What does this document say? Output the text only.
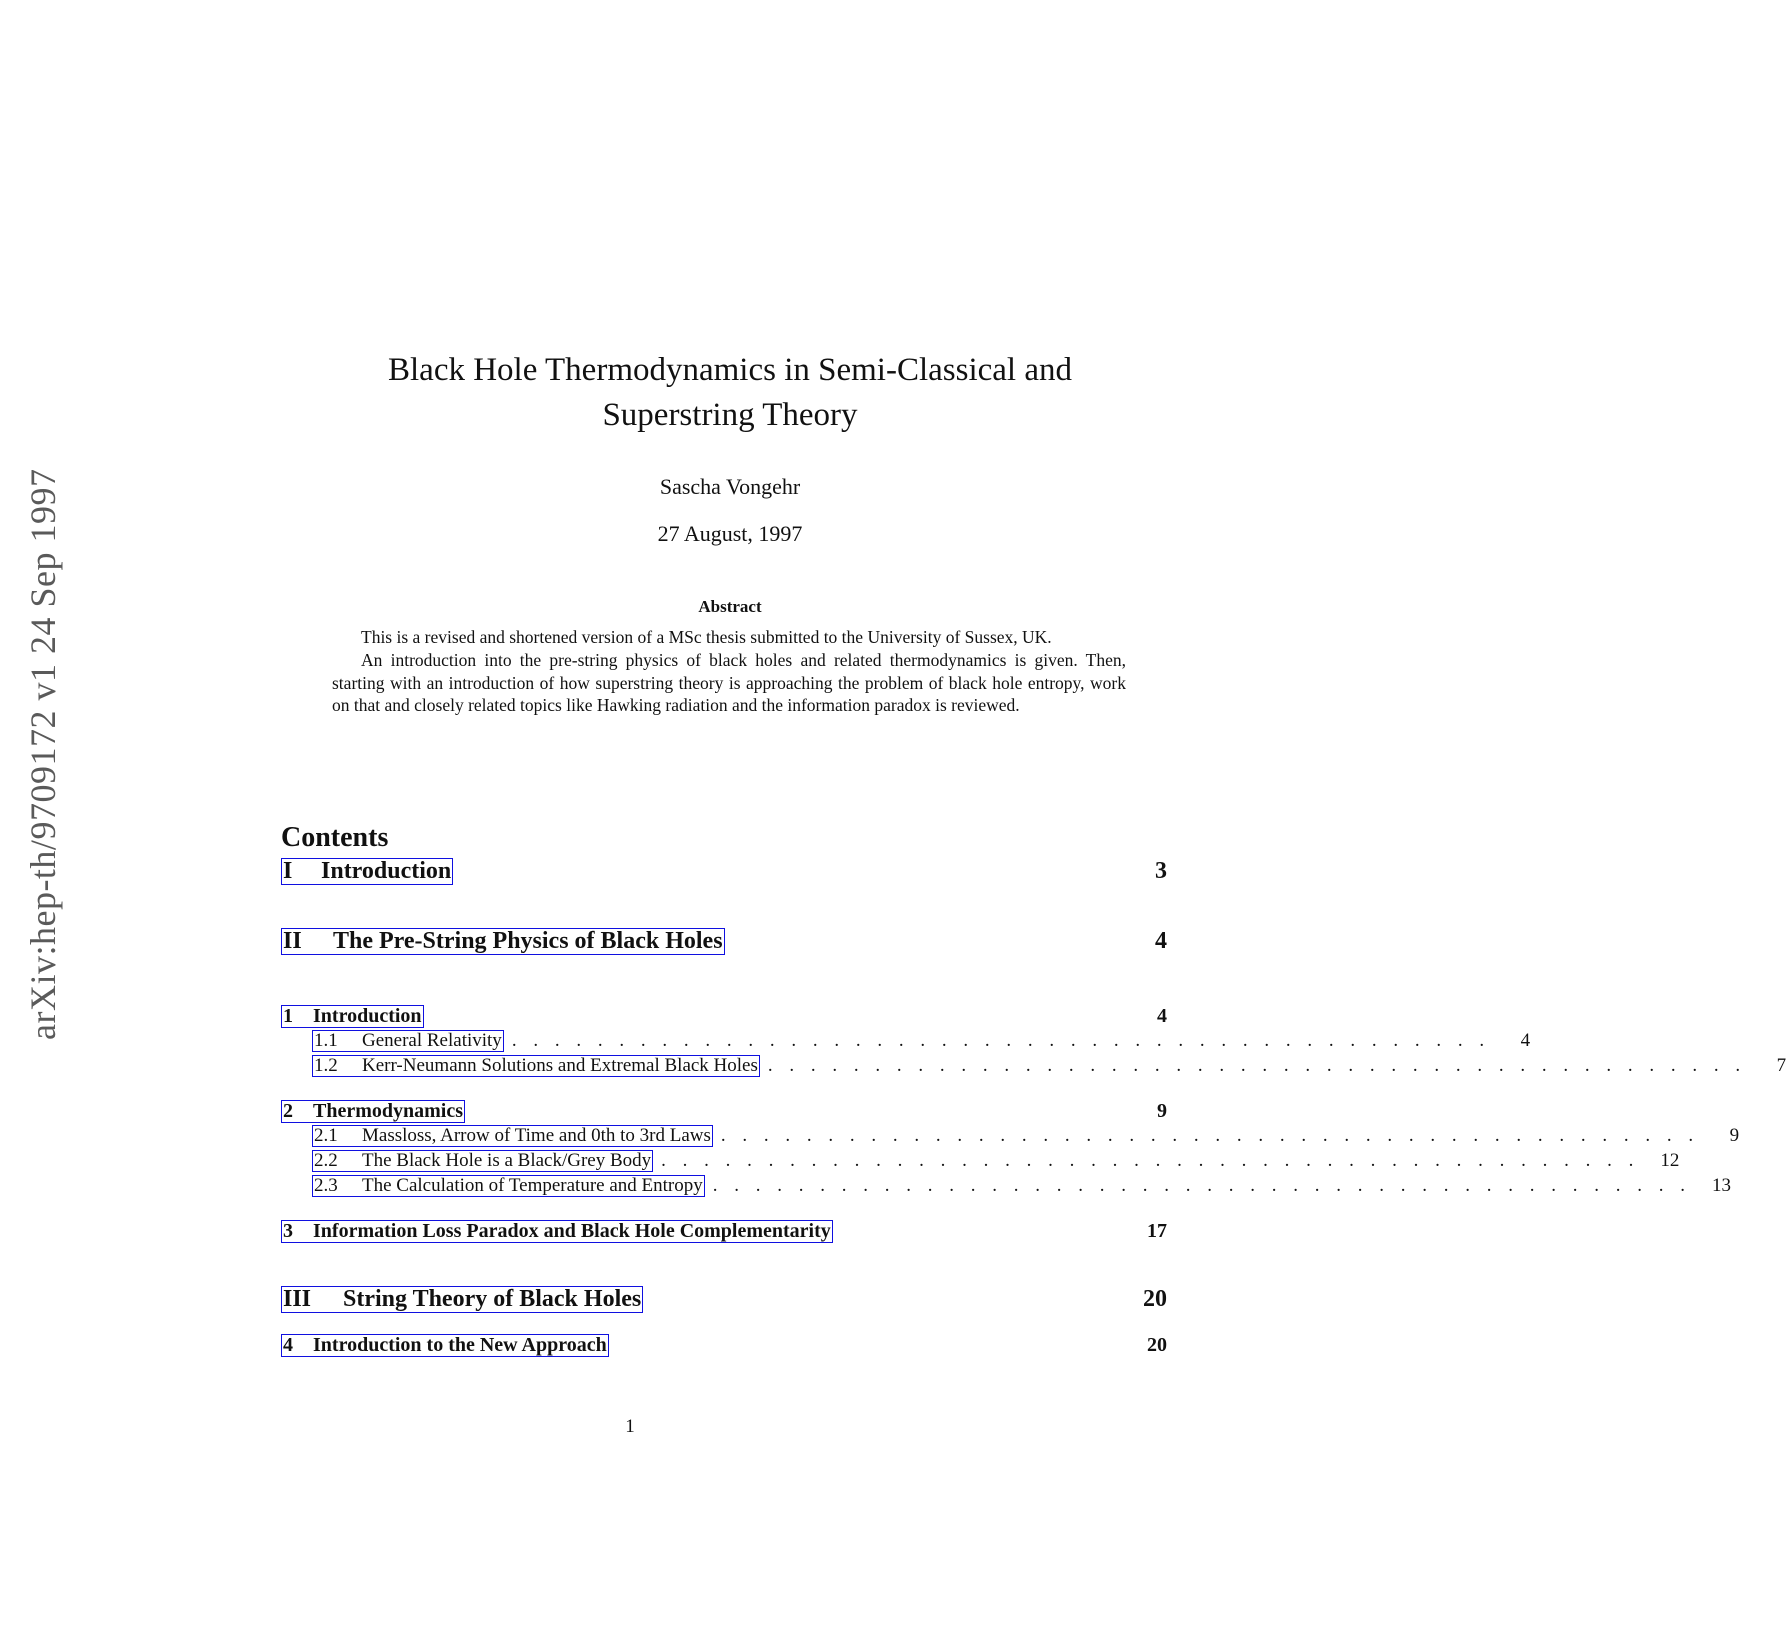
arXiv:hep-th/9709172 v1 24 Sep 1997
Black Hole Thermodynamics in Semi-Classical and
Superstring Theory
Sascha Vongehr
27 August, 1997
Abstract

This is a revised and shortened version of a MSc thesis submitted to the University of Sussex, UK.

An introduction into the pre-string physics of black holes and related thermodynamics is given. Then, starting with an introduction of how superstring theory is approaching the problem of black hole entropy, work on that and closely related topics like Hawking radiation and the information paradox is reviewed.

Contents
I Introduction	3
II The Pre-String Physics of Black Holes	4
1 Introduction	4
1.1 General Relativity . . . . . . . . . . . . . . . . . . . . . . . . . . . . . . . . . . . . . . . . . . . . . .	4
1.2 Kerr-Neumann Solutions and Extremal Black Holes . . . . . . . . . . . . . . . . . . . . . . . . . . . . . . . . . . . . . . . . . . . . . .	7
2 Thermodynamics	9
2.1 Massloss, Arrow of Time and 0th to 3rd Laws . . . . . . . . . . . . . . . . . . . . . . . . . . . . . . . . . . . . . . . . . . . . . .	9
2.2 The Black Hole is a Black/Grey Body . . . . . . . . . . . . . . . . . . . . . . . . . . . . . . . . . . . . . . . . . . . . . .	12
2.3 The Calculation of Temperature and Entropy . . . . . . . . . . . . . . . . . . . . . . . . . . . . . . . . . . . . . . . . . . . . . .	13
3 Information Loss Paradox and Black Hole Complementarity	17
III String Theory of Black Holes	20
4 Introduction to the New Approach	20
1
